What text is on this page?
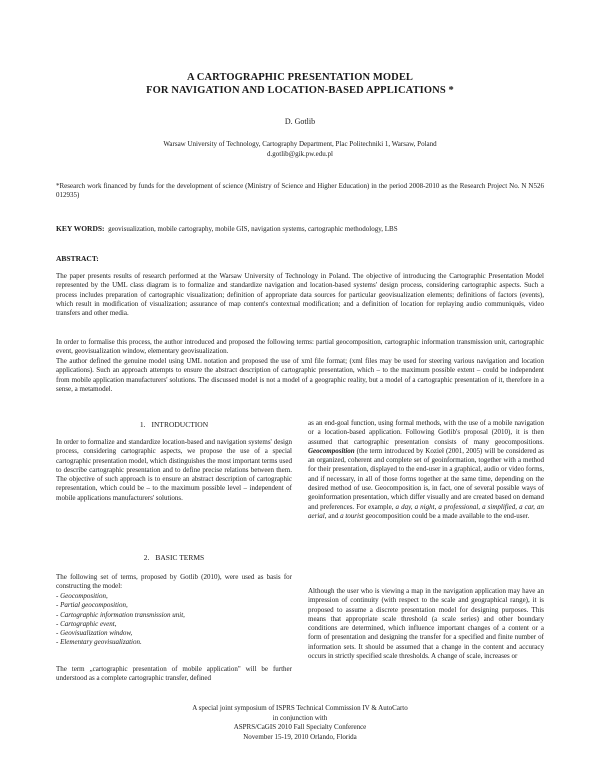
A CARTOGRAPHIC PRESENTATION MODEL
FOR NAVIGATION AND LOCATION-BASED APPLICATIONS *
D. Gotlib
Warsaw University of Technology, Cartography Department, Plac Politechniki 1, Warsaw, Poland
d.gotlib@gik.pw.edu.pl

*Research work financed by funds for the development of science (Ministry of Science and Higher Education) in the period 2008-2010 as the Research Project No. N N526 012935)

KEY WORDS: geovisualization, mobile cartography, mobile GIS, navigation systems, cartographic methodology, LBS

ABSTRACT:

The paper presents results of research performed at the Warsaw University of Technology in Poland. The objective of introducing the Cartographic Presentation Model represented by the UML class diagram is to formalize and standardize navigation and location-based systems' design process, considering cartographic aspects. Such a process includes preparation of cartographic visualization; definition of appropriate data sources for particular geovisualization elements; definitions of factors (events), which result in modification of visualization; assurance of map content's contextual modification; and a definition of location for replaying audio communiqués, video transfers and other media.

In order to formalise this process, the author introduced and proposed the following terms: partial geocomposition, cartographic information transmission unit, cartographic event, geovisualization window, elementary geovisualization.

The author defined the genuine model using UML notation and proposed the use of xml file format; (xml files may be used for steering various navigation and location applications). Such an approach attempts to ensure the abstract description of cartographic presentation, which – to the maximum possible extent – could be independent from mobile application manufacturers' solutions. The discussed model is not a model of a geographic reality, but a model of a cartographic presentation of it, therefore in a sense, a metamodel.

1. INTRODUCTION

In order to formalize and standardize location-based and navigation systems' design process, considering cartographic aspects, we propose the use of a special cartographic presentation model, which distinguishes the most important terms used to describe cartographic presentation and to define precise relations between them. The objective of such approach is to ensure an abstract description of cartographic representation, which could be – to the maximum possible level – independent of mobile applications manufacturers' solutions.

2. BASIC TERMS

The following set of terms, proposed by Gotlib (2010), were used as basis for constructing the model:

- Geocomposition,
- Partial geocomposition,
- Cartographic information transmission unit,
- Cartographic event,
- Geovisualization window,
- Elementary geovisualization.

The term „cartographic presentation of mobile application" will be further understood as a complete cartographic transfer, defined

as an end-goal function, using formal methods, with the use of a mobile navigation or a location-based application. Following Gotlib's proposal (2010), it is then assumed that cartographic presentation consists of many geocompositions. Geocomposition (the term introduced by Kozieł (2001, 2005) will be considered as an organized, coherent and complete set of geoinformation, together with a method for their presentation, displayed to the end-user in a graphical, audio or video forms, and if necessary, in all of those forms together at the same time, depending on the desired method of use. Geocomposition is, in fact, one of several possible ways of geoinformation presentation, which differ visually and are created based on demand and preferences. For example, a day, a night, a professional, a simplified, a car, an aerial, and a tourist geocomposition could be a made available to the end-user.

Although the user who is viewing a map in the navigation application may have an impression of continuity (with respect to the scale and geographical range), it is proposed to assume a discrete presentation model for designing purposes. This means that appropriate scale threshold (a scale series) and other boundary conditions are determined, which influence important changes of a content or a form of presentation and designing the transfer for a specified and finite number of information sets. It should be assumed that a change in the content and accuracy occurs in strictly specified scale thresholds. A change of scale, increases or

A special joint symposium of ISPRS Technical Commission IV & AutoCarto
in conjunction with
ASPRS/CaGIS 2010 Fall Specialty Conference
November 15-19, 2010 Orlando, Florida
